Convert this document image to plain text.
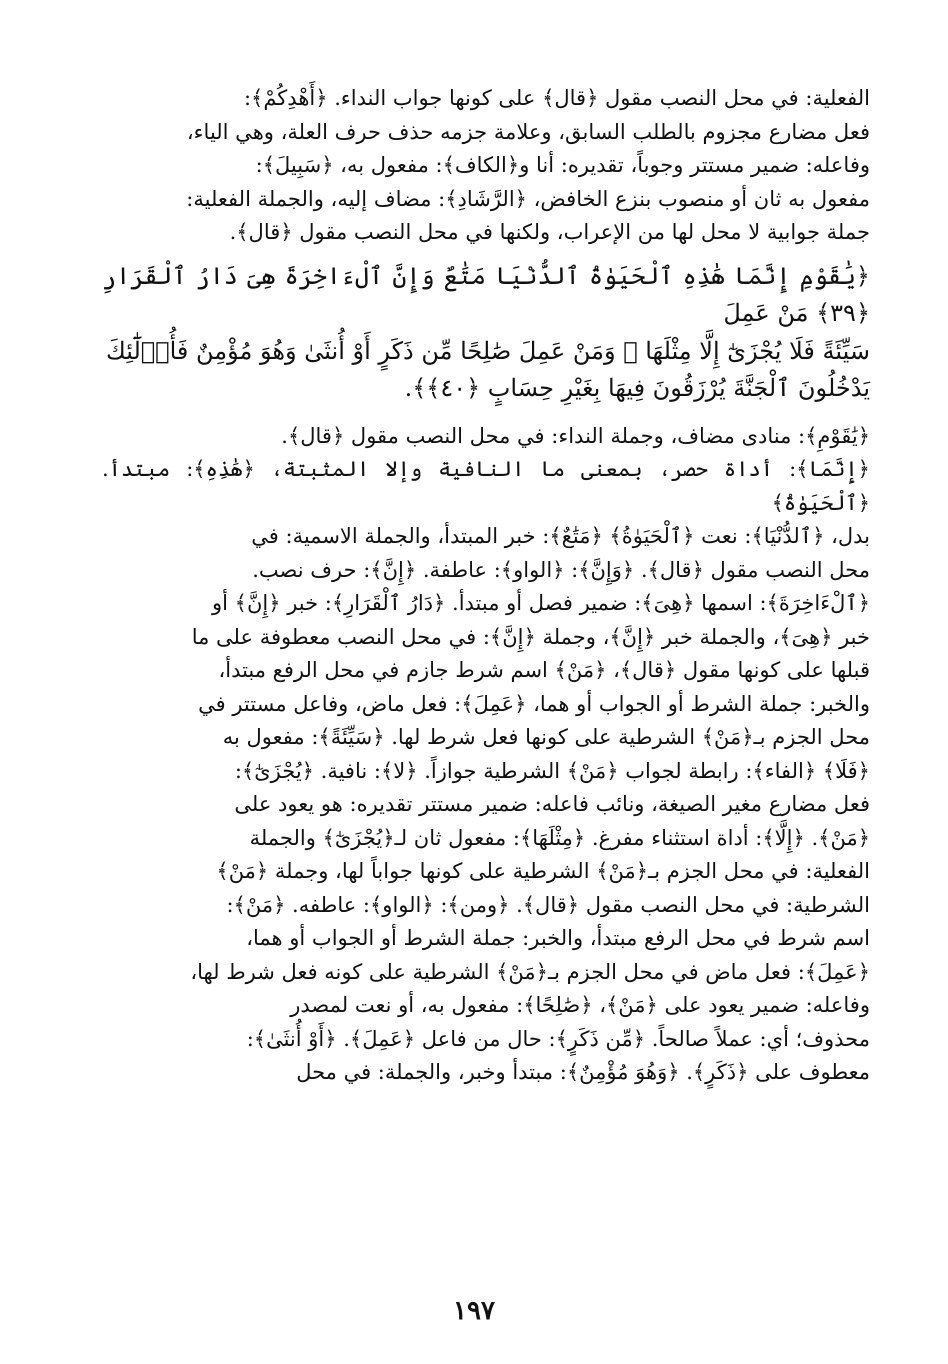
الفعلية: في محل النصب مقول ﴿قال﴾ على كونها جواب النداء. ﴿أَهْدِكُمْ﴾:

فعل مضارع مجزوم بالطلب السابق، وعلامة جزمه حذف حرف العلة، وهي الياء،

وفاعله: ضمير مستتر وجوباً، تقديره: أنا و﴿الكاف﴾: مفعول به، ﴿سَبِيلَ﴾:

مفعول به ثان أو منصوب بنزع الخافض، ﴿الرَّشَادِ﴾: مضاف إليه، والجملة الفعلية:

جملة جوابية لا محل لها من الإعراب، ولكنها في محل النصب مقول ﴿قال﴾.

﴿يَٰقَوْمِ إِنَّمَا هَٰذِهِ ٱلْحَيَوٰةُ ٱلدُّنْيَا مَتَٰعٌ وَإِنَّ ٱلْءَاخِرَةَ هِىَ دَارُ ٱلْقَرَارِ ﴿٣٩﴾ مَنْ عَمِلَ

سَيِّئَةً فَلَا يُجْزَىٰٓ إِلَّا مِثْلَهَا ۖ وَمَنْ عَمِلَ صَٰلِحًا مِّن ذَكَرٍ أَوْ أُنثَىٰ وَهُوَ مُؤْمِنٌ فَأُو۟لَٰٓئِكَ

يَدْخُلُونَ ٱلْجَنَّةَ يُرْزَقُونَ فِيهَا بِغَيْرِ حِسَابٍ ﴿٤٠﴾﴾.

﴿يَٰقَوْمِ﴾: منادى مضاف، وجملة النداء: في محل النصب مقول ﴿قال﴾.

﴿إِنَّمَا﴾: أداة حصر، بمعنى ما النافية وإلا المثبتة، ﴿هَٰذِهِ﴾: مبتدأ. ﴿ٱلْحَيَوٰةُ﴾

بدل، ﴿ٱلدُّنْيَا﴾: نعت ﴿ٱلْحَيَوٰةُ﴾ ﴿مَتَٰعٌ﴾: خبر المبتدأ، والجملة الاسمية: في

محل النصب مقول ﴿قال﴾. ﴿وَإِنَّ﴾: ﴿الواو﴾: عاطفة. ﴿إِنَّ﴾: حرف نصب.

﴿ٱلْءَاخِرَةَ﴾: اسمها ﴿هِىَ﴾: ضمير فصل أو مبتدأ. ﴿دَارُ ٱلْقَرَارِ﴾: خبر ﴿إِنَّ﴾ أو

خبر ﴿هِىَ﴾، والجملة خبر ﴿إِنَّ﴾، وجملة ﴿إِنَّ﴾: في محل النصب معطوفة على ما

قبلها على كونها مقول ﴿قال﴾، ﴿مَنْ﴾ اسم شرط جازم في محل الرفع مبتدأ،

والخبر: جملة الشرط أو الجواب أو هما، ﴿عَمِلَ﴾: فعل ماض، وفاعل مستتر في

محل الجزم بـ﴿مَنْ﴾ الشرطية على كونها فعل شرط لها. ﴿سَيِّئَةً﴾: مفعول به

﴿فَلَا﴾ ﴿الفاء﴾: رابطة لجواب ﴿مَنْ﴾ الشرطية جوازاً. ﴿لا﴾: نافية. ﴿يُجْزَىٰٓ﴾:

فعل مضارع مغير الصيغة، ونائب فاعله: ضمير مستتر تقديره: هو يعود على

﴿مَنْ﴾. ﴿إِلَّا﴾: أداة استثناء مفرغ. ﴿مِثْلَهَا﴾: مفعول ثان لـ﴿يُجْزَىٰٓ﴾ والجملة

الفعلية: في محل الجزم بـ﴿مَنْ﴾ الشرطية على كونها جواباً لها، وجملة ﴿مَنْ﴾

الشرطية: في محل النصب مقول ﴿قال﴾. ﴿ومن﴾: ﴿الواو﴾: عاطفه. ﴿مَنْ﴾:

اسم شرط في محل الرفع مبتدأ، والخبر: جملة الشرط أو الجواب أو هما،

﴿عَمِلَ﴾: فعل ماض في محل الجزم بـ﴿مَنْ﴾ الشرطية على كونه فعل شرط لها،

وفاعله: ضمير يعود على ﴿مَنْ﴾، ﴿صَٰلِحًا﴾: مفعول به، أو نعت لمصدر

محذوف؛ أي: عملاً صالحاً. ﴿مِّن ذَكَرٍ﴾: حال من فاعل ﴿عَمِلَ﴾. ﴿أَوْ أُنثَىٰ﴾:

معطوف على ﴿ذَكَرٍ﴾. ﴿وَهُوَ مُؤْمِنٌ﴾: مبتدأ وخبر، والجملة: في محل

١٩٧
